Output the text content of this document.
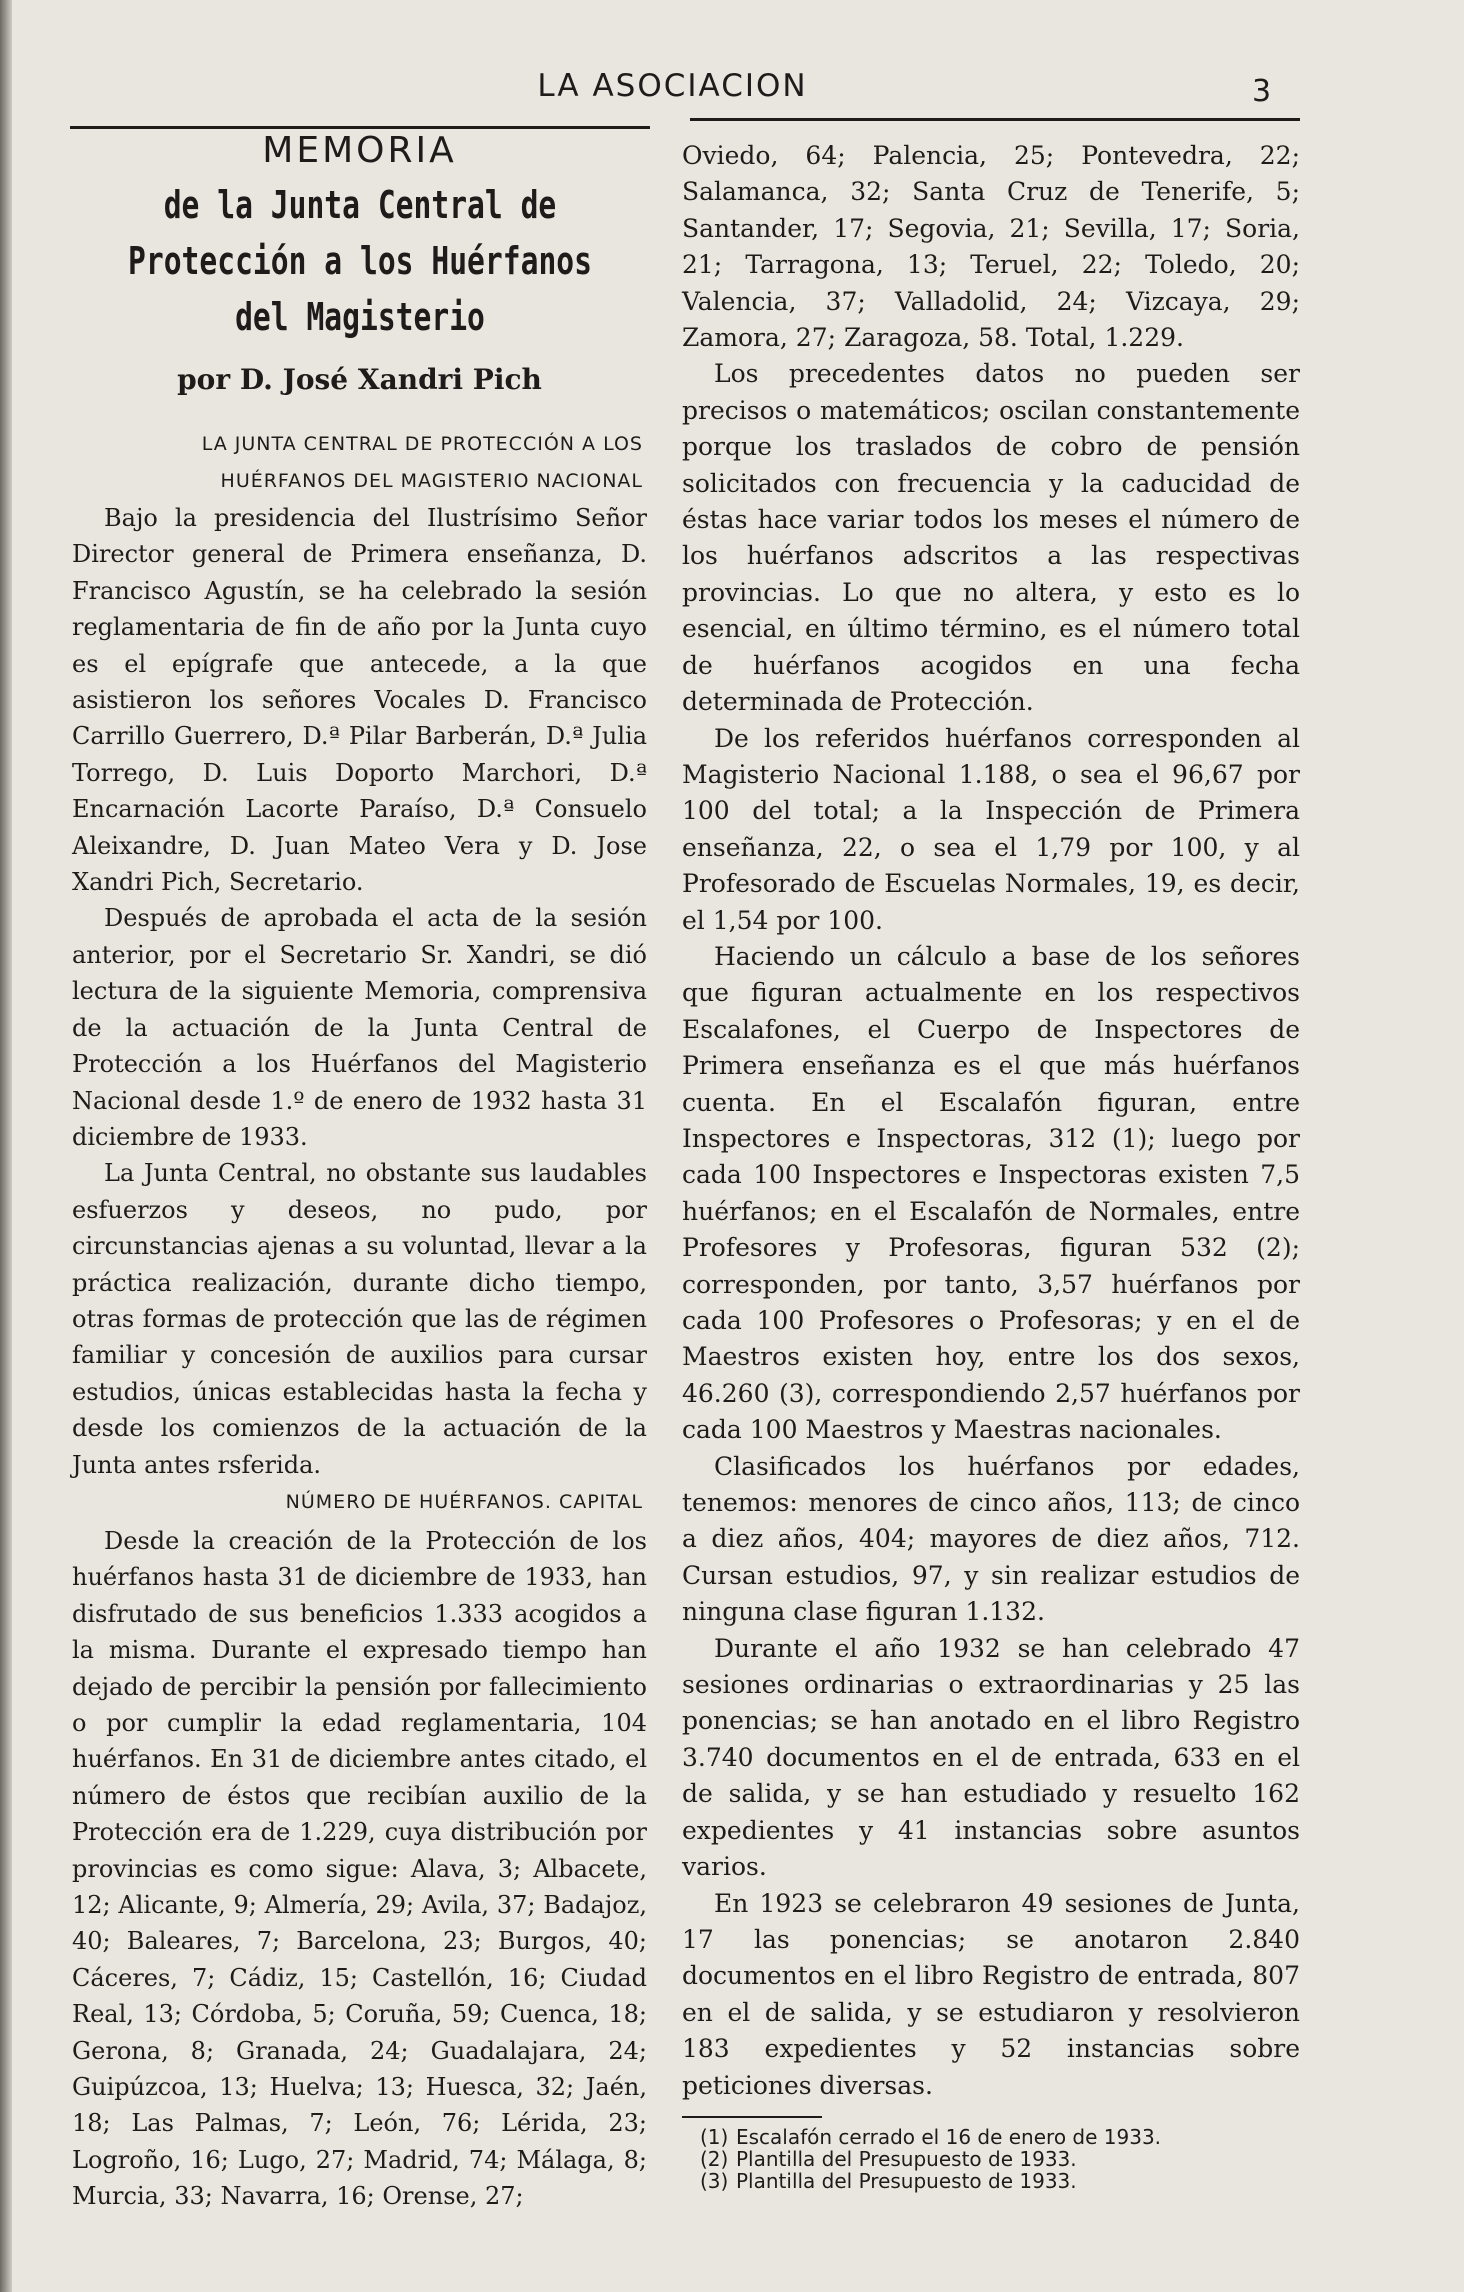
LA ASOCIACION	3
MEMORIA
de la Junta Central de Protección a los Huérfanos
del Magisterio
por D. José Xandri Pich
LA JUNTA CENTRAL DE PROTECCIÓN A LOS HUÉRFANOS DEL MAGISTERIO NACIONAL

Bajo la presidencia del Ilustrísimo Señor Director general de Primera enseñanza, D. Francisco Agustín, se ha celebrado la sesión reglamentaria de fin de año por la Junta cuyo es el epígrafe que antecede, a la que asistieron los señores Vocales D. Francisco Carrillo Guerrero, D.ª Pilar Barberán, D.ª Julia Torrego, D. Luis Doporto Marchori, D.ª Encarnación Lacorte Paraíso, D.ª Consuelo Aleixandre, D. Juan Mateo Vera y D. Jose Xandri Pich, Secretario.

Después de aprobada el acta de la sesión anterior, por el Secretario Sr. Xandri, se dió lectura de la siguiente Memoria, comprensiva de la actuación de la Junta Central de Protección a los Huérfanos del Magisterio Nacional desde 1.º de enero de 1932 hasta 31 diciembre de 1933.

La Junta Central, no obstante sus laudables esfuerzos y deseos, no pudo, por circunstancias ajenas a su voluntad, llevar a la práctica realización, durante dicho tiempo, otras formas de protección que las de régimen familiar y concesión de auxilios para cursar estudios, únicas establecidas hasta la fecha y desde los comienzos de la actuación de la Junta antes rsferida.

NÚMERO DE HUÉRFANOS. CAPITAL

Desde la creación de la Protección de los huérfanos hasta 31 de diciembre de 1933, han disfrutado de sus beneficios 1.333 acogidos a la misma. Durante el expresado tiempo han dejado de percibir la pensión por fallecimiento o por cumplir la edad reglamentaria, 104 huérfanos. En 31 de diciembre antes citado, el número de éstos que recibían auxilio de la Protección era de 1.229, cuya distribución por provincias es como sigue: Alava, 3; Albacete, 12; Alicante, 9; Almería, 29; Avila, 37; Badajoz, 40; Baleares, 7; Barcelona, 23; Burgos, 40; Cáceres, 7; Cádiz, 15; Castellón, 16; Ciudad Real, 13; Córdoba, 5; Coruña, 59; Cuenca, 18; Gerona, 8; Granada, 24; Guadalajara, 24; Guipúzcoa, 13; Huelva; 13; Huesca, 32; Jaén, 18; Las Palmas, 7; León, 76; Lérida, 23; Logroño, 16; Lugo, 27; Madrid, 74; Málaga, 8; Murcia, 33; Navarra, 16; Orense, 27;

Oviedo, 64; Palencia, 25; Pontevedra, 22; Salamanca, 32; Santa Cruz de Tenerife, 5; Santander, 17; Segovia, 21; Sevilla, 17; Soria, 21; Tarragona, 13; Teruel, 22; Toledo, 20; Valencia, 37; Valladolid, 24; Vizcaya, 29; Zamora, 27; Zaragoza, 58. Total, 1.229.

Los precedentes datos no pueden ser precisos o matemáticos; oscilan constantemente porque los traslados de cobro de pensión solicitados con frecuencia y la caducidad de éstas hace variar todos los meses el número de los huérfanos adscritos a las respectivas provincias. Lo que no altera, y esto es lo esencial, en último término, es el número total de huérfanos acogidos en una fecha determinada de Protección.

De los referidos huérfanos corresponden al Magisterio Nacional 1.188, o sea el 96,67 por 100 del total; a la Inspección de Primera enseñanza, 22, o sea el 1,79 por 100, y al Profesorado de Escuelas Normales, 19, es decir, el 1,54 por 100.

Haciendo un cálculo a base de los señores que figuran actualmente en los respectivos Escalafones, el Cuerpo de Inspectores de Primera enseñanza es el que más huérfanos cuenta. En el Escalafón figuran, entre Inspectores e Inspectoras, 312 (1); luego por cada 100 Inspectores e Inspectoras existen 7,5 huérfanos; en el Escalafón de Normales, entre Profesores y Profesoras, figuran 532 (2); corresponden, por tanto, 3,57 huérfanos por cada 100 Profesores o Profesoras; y en el de Maestros existen hoy, entre los dos sexos, 46.260 (3), correspondiendo 2,57 huérfanos por cada 100 Maestros y Maestras nacionales.

Clasificados los huérfanos por edades, tenemos: menores de cinco años, 113; de cinco a diez años, 404; mayores de diez años, 712. Cursan estudios, 97, y sin realizar estudios de ninguna clase figuran 1.132.

Durante el año 1932 se han celebrado 47 sesiones ordinarias o extraordinarias y 25 las ponencias; se han anotado en el libro Registro 3.740 documentos en el de entrada, 633 en el de salida, y se han estudiado y resuelto 162 expedientes y 41 instancias sobre asuntos varios.

En 1923 se celebraron 49 sesiones de Junta, 17 las ponencias; se anotaron 2.840 documentos en el libro Registro de entrada, 807 en el de salida, y se estudiaron y resolvieron 183 expedientes y 52 instancias sobre peticiones diversas.

(1) Escalafón cerrado el 16 de enero de 1933.
(2) Plantilla del Presupuesto de 1933.
(3) Plantilla del Presupuesto de 1933.
